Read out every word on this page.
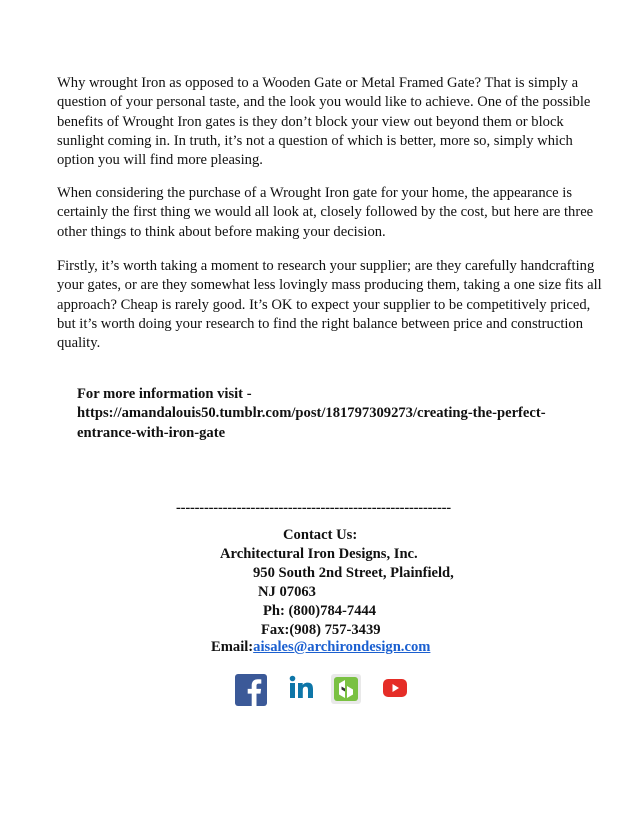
Why wrought Iron as opposed to a Wooden Gate or Metal Framed Gate? That is simply a question of your personal taste, and the look you would like to achieve. One of the possible benefits of Wrought Iron gates is they don’t block your view out beyond them or block sunlight coming in. In truth, it’s not a question of which is better, more so, simply which option you will find more pleasing.

When considering the purchase of a Wrought Iron gate for your home, the appearance is certainly the first thing we would all look at, closely followed by the cost, but here are three other things to think about before making your decision.

Firstly, it’s worth taking a moment to research your supplier; are they carefully handcrafting your gates, or are they somewhat less lovingly mass producing them, taking a one size fits all approach? Cheap is rarely good. It’s OK to expect your supplier to be competitively priced, but it’s worth doing your research to find the right balance between price and construction quality.

For more information visit -
https://amandalouis50.tumblr.com/post/181797309273/creating-the-perfect-entrance-with-iron-gate

-----------------------------------------------------------
Contact Us:
Architectural Iron Designs, Inc.
950 South 2nd Street, Plainfield,
NJ 07063
Ph: (800)784-7444
Fax:(908) 757-3439
Email:aisales@archirondesign.com
